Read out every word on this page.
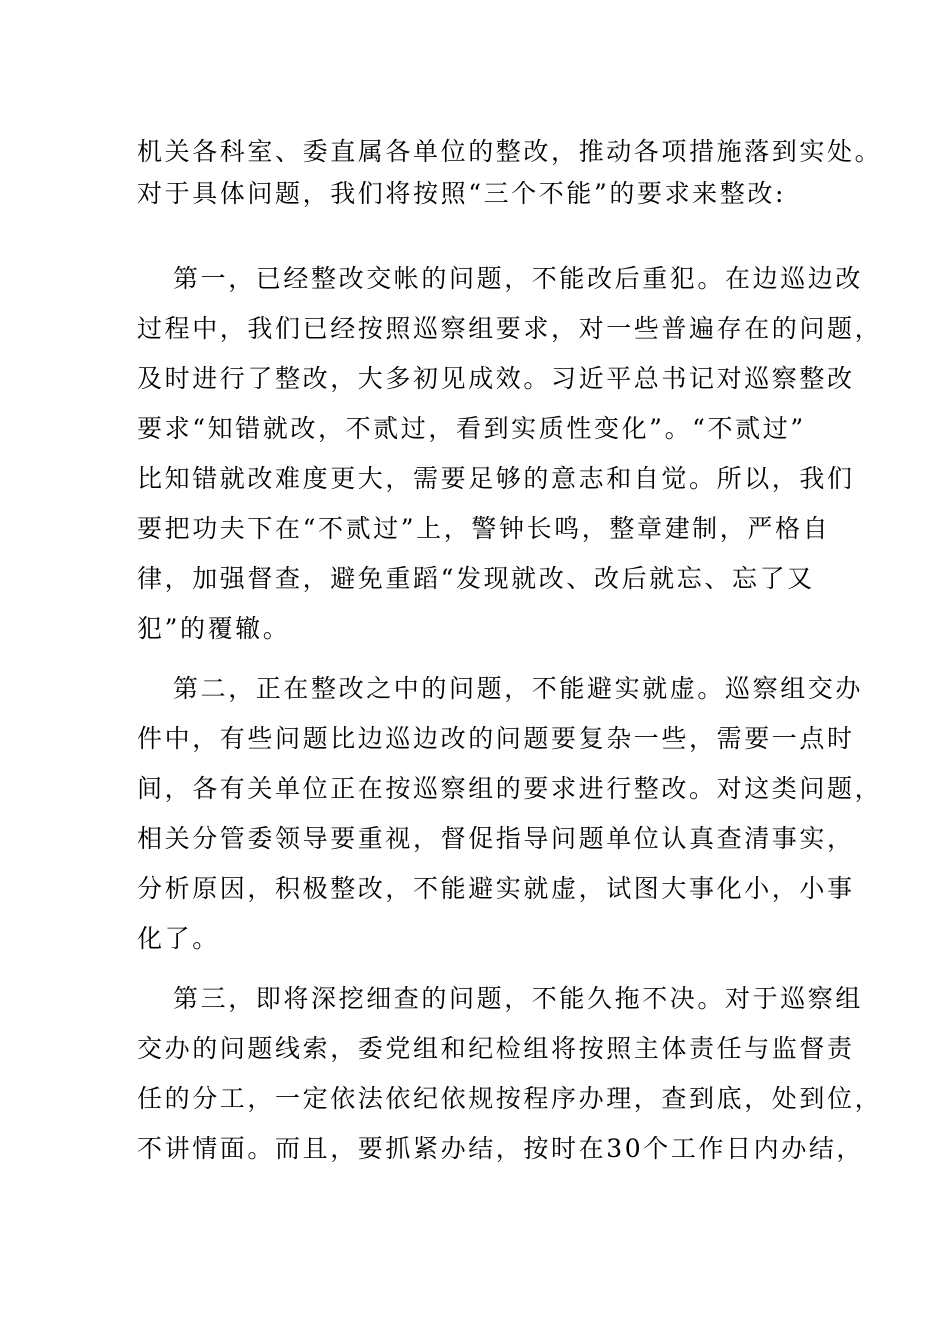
机关各科室、委直属各单位的整改，推动各项措施落到实处。
对于具体问题，我们将按照“三个不能”的要求来整改:
第一，已经整改交帐的问题，不能改后重犯。在边巡边改
过程中，我们已经按照巡察组要求，对一些普遍存在的问题，
及时进行了整改，大多初见成效。习近平总书记对巡察整改
要求“知错就改，不贰过，看到实质性变化”。“不贰过”
比知错就改难度更大，需要足够的意志和自觉。所以，我们
要把功夫下在“不贰过”上，警钟长鸣，整章建制，严格自
律，加强督查，避免重蹈“发现就改、改后就忘、忘了又
犯”的覆辙。
第二，正在整改之中的问题，不能避实就虚。巡察组交办
件中，有些问题比边巡边改的问题要复杂一些，需要一点时
间，各有关单位正在按巡察组的要求进行整改。对这类问题，
相关分管委领导要重视，督促指导问题单位认真查清事实，
分析原因，积极整改，不能避实就虚，试图大事化小，小事
化了。
第三，即将深挖细查的问题，不能久拖不决。对于巡察组
交办的问题线索，委党组和纪检组将按照主体责任与监督责
任的分工，一定依法依纪依规按程序办理，查到底，处到位，
不讲情面。而且，要抓紧办结，按时在30个工作日内办结，
